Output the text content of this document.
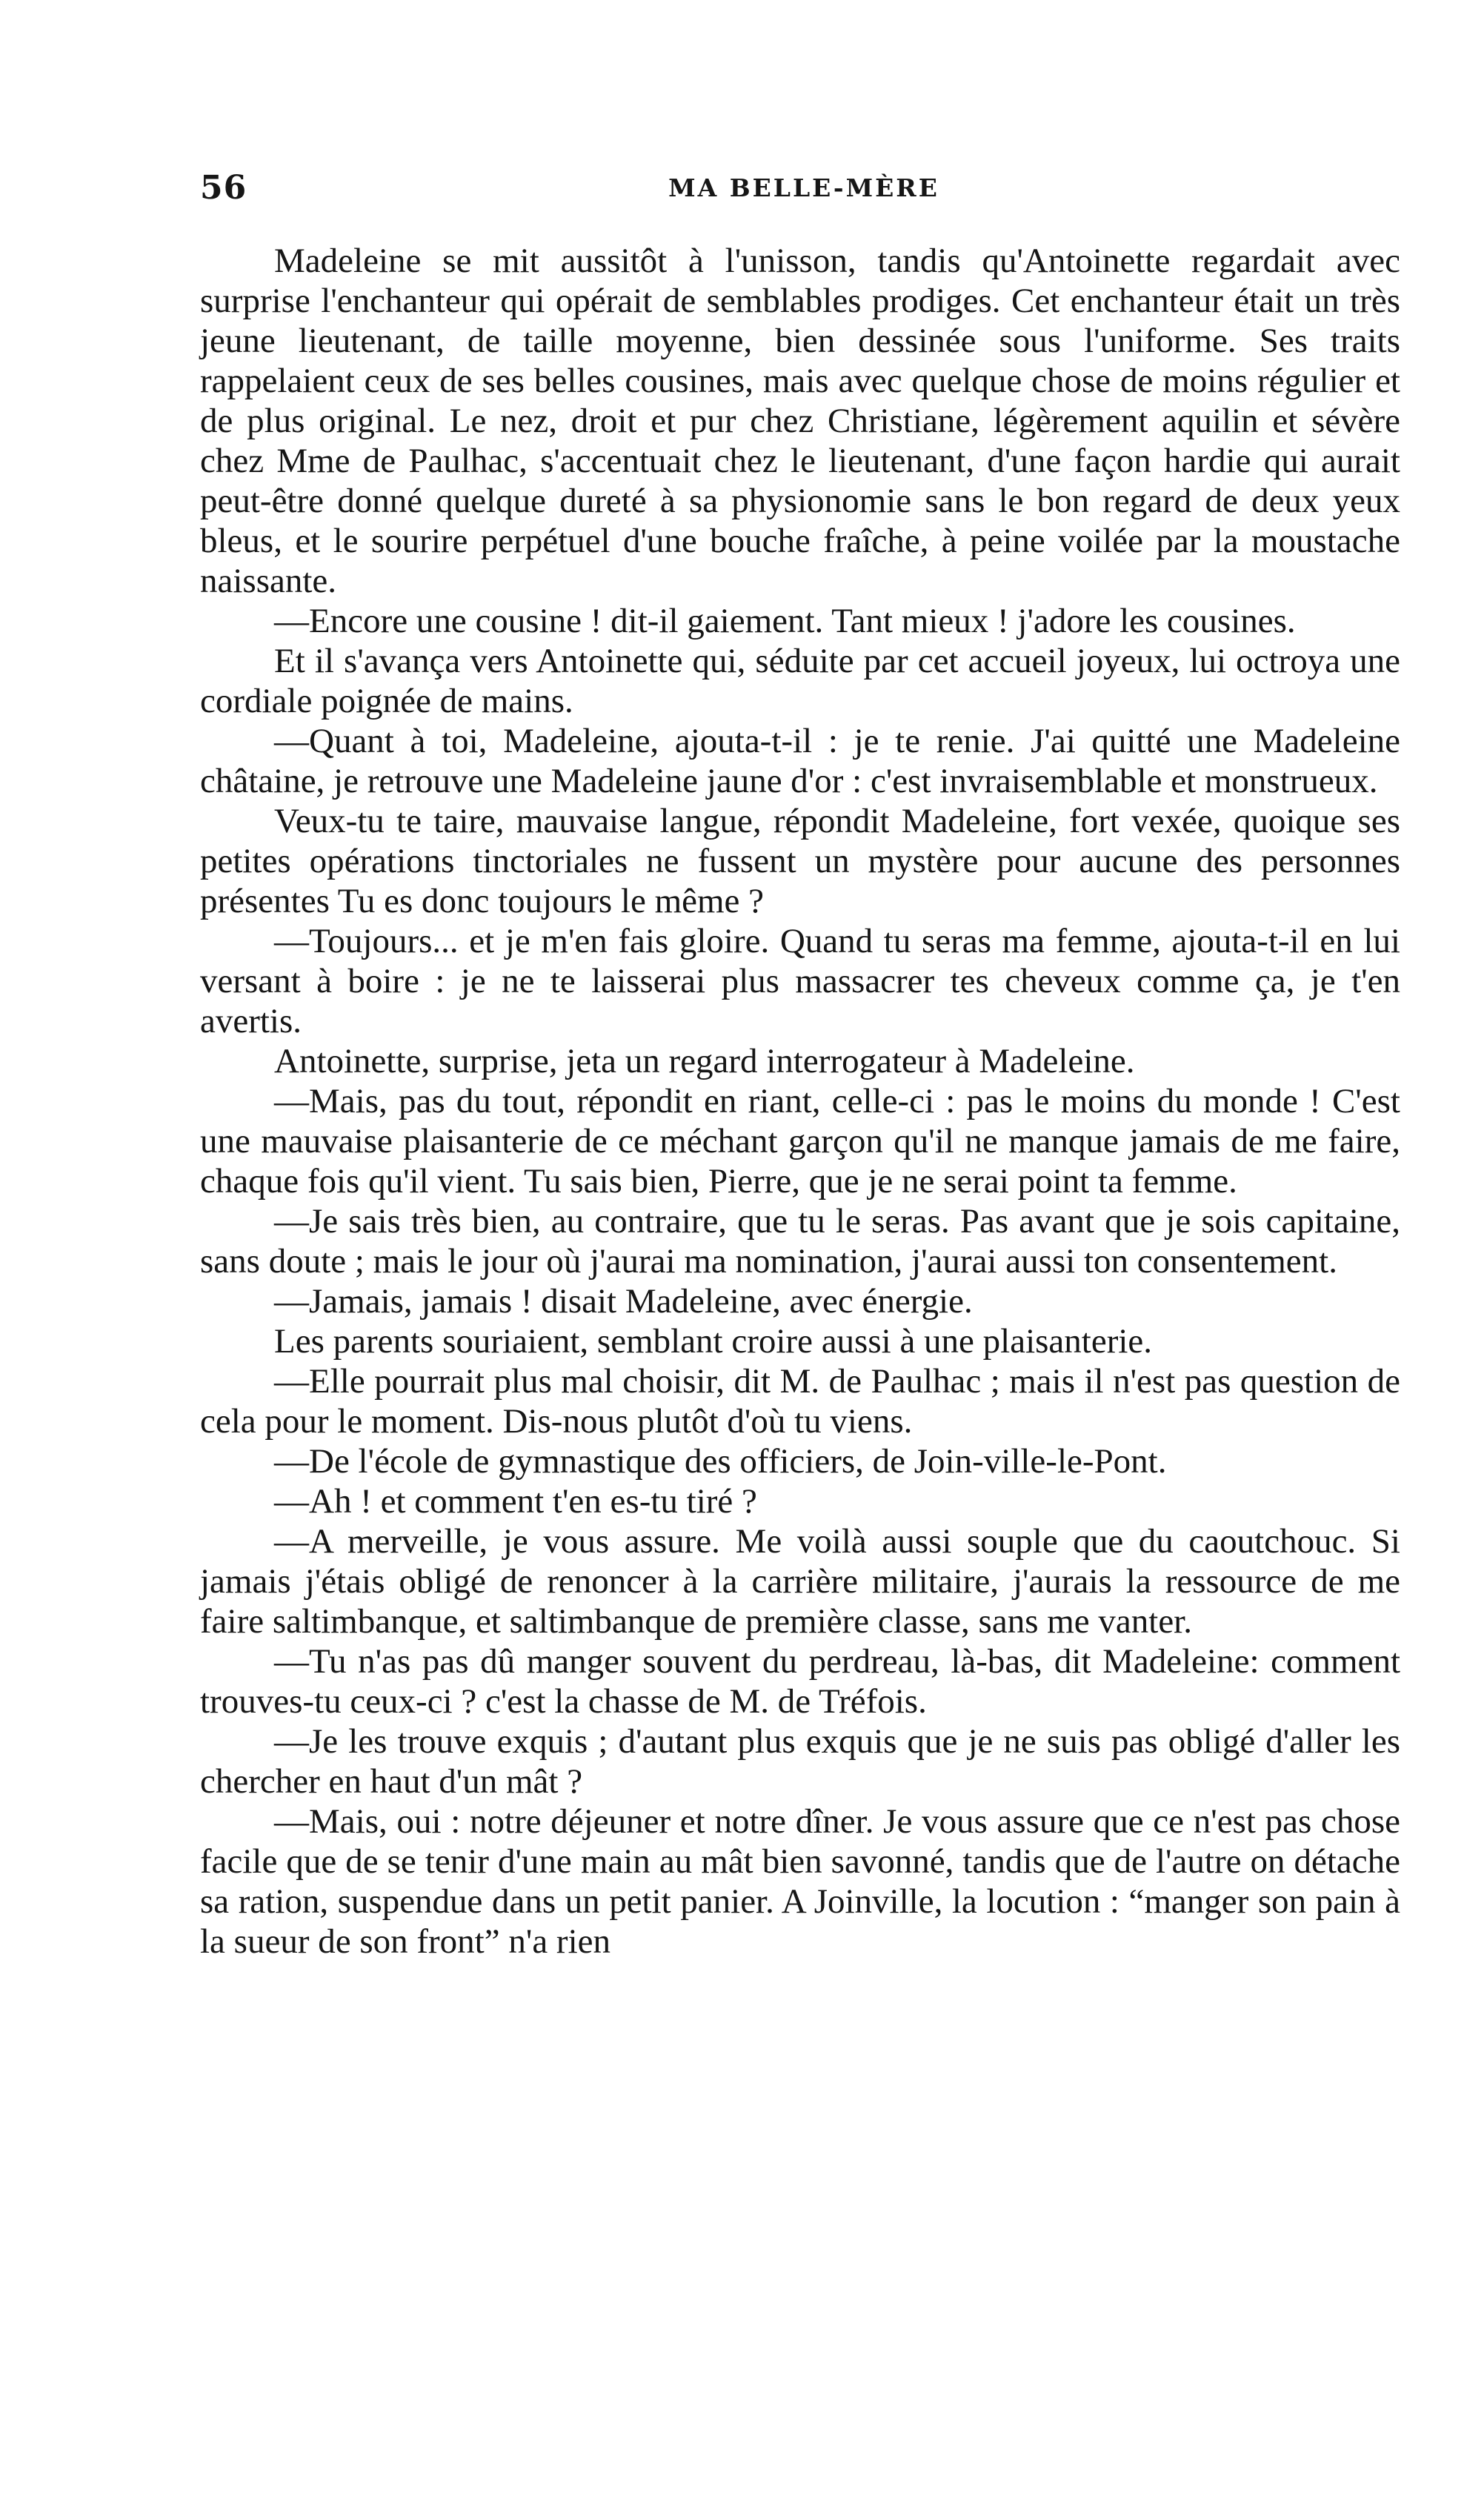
56	MA BELLE-MÈRE

Madeleine se mit aussitôt à l'unisson, tandis qu'Antoinette regardait avec surprise l'enchanteur qui opérait de semblables prodiges. Cet enchanteur était un très jeune lieutenant, de taille moyenne, bien dessinée sous l'uniforme. Ses traits rappelaient ceux de ses belles cousines, mais avec quelque chose de moins régulier et de plus original. Le nez, droit et pur chez Christiane, légèrement aquilin et sévère chez Mme de Paulhac, s'accentuait chez le lieutenant, d'une façon hardie qui aurait peut-être donné quelque dureté à sa physionomie sans le bon regard de deux yeux bleus, et le sourire perpétuel d'une bouche fraîche, à peine voilée par la moustache naissante.

—Encore une cousine ! dit-il gaiement. Tant mieux ! j'adore les cousines.

Et il s'avança vers Antoinette qui, séduite par cet accueil joyeux, lui octroya une cordiale poignée de mains.

—Quant à toi, Madeleine, ajouta-t-il : je te renie. J'ai quitté une Madeleine châtaine, je retrouve une Madeleine jaune d'or : c'est invraisemblable et monstrueux.

Veux-tu te taire, mauvaise langue, répondit Madeleine, fort vexée, quoique ses petites opérations tinctoriales ne fussent un mystère pour aucune des personnes présentes Tu es donc toujours le même ?

—Toujours... et je m'en fais gloire. Quand tu seras ma femme, ajouta-t-il en lui versant à boire : je ne te laisserai plus massacrer tes cheveux comme ça, je t'en avertis.

Antoinette, surprise, jeta un regard interrogateur à Madeleine.

—Mais, pas du tout, répondit en riant, celle-ci : pas le moins du monde ! C'est une mauvaise plaisanterie de ce méchant garçon qu'il ne manque jamais de me faire, chaque fois qu'il vient. Tu sais bien, Pierre, que je ne serai point ta femme.

—Je sais très bien, au contraire, que tu le seras. Pas avant que je sois capitaine, sans doute ; mais le jour où j'aurai ma nomination, j'aurai aussi ton consentement.

—Jamais, jamais ! disait Madeleine, avec énergie.

Les parents souriaient, semblant croire aussi à une plaisanterie.

—Elle pourrait plus mal choisir, dit M. de Paulhac ; mais il n'est pas question de cela pour le moment. Dis-nous plutôt d'où tu viens.

—De l'école de gymnastique des officiers, de Join-ville-le-Pont.

—Ah ! et comment t'en es-tu tiré ?

—A merveille, je vous assure. Me voilà aussi souple que du caoutchouc. Si jamais j'étais obligé de renoncer à la carrière militaire, j'aurais la ressource de me faire saltimbanque, et saltimbanque de première classe, sans me vanter.

—Tu n'as pas dû manger souvent du perdreau, là-bas, dit Madeleine: comment trouves-tu ceux-ci ? c'est la chasse de M. de Tréfois.

—Je les trouve exquis ; d'autant plus exquis que je ne suis pas obligé d'aller les chercher en haut d'un mât ?

—Mais, oui : notre déjeuner et notre dîner. Je vous assure que ce n'est pas chose facile que de se tenir d'une main au mât bien savonné, tandis que de l'autre on détache sa ration, suspendue dans un petit panier. A Joinville, la locution : “manger son pain à la sueur de son front” n'a rien
